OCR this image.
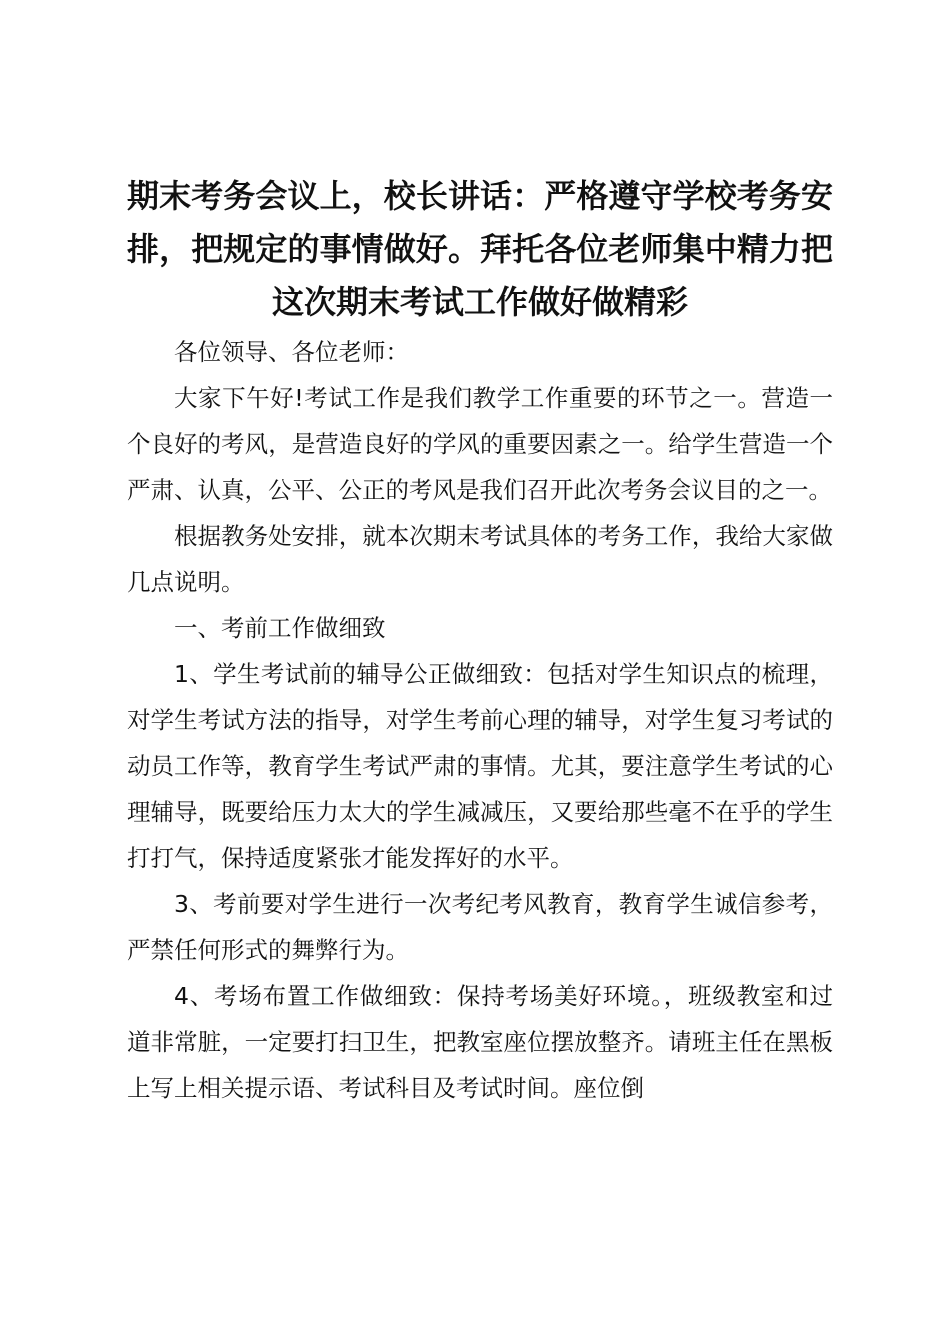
期末考务会议上，校长讲话：严格遵守学校考务安排，把规定的事情做好。拜托各位老师集中精力把这次期末考试工作做好做精彩

各位领导、各位老师：

大家下午好!考试工作是我们教学工作重要的环节之一。营造一个良好的考风，是营造良好的学风的重要因素之一。给学生营造一个严肃、认真，公平、公正的考风是我们召开此次考务会议目的之一。

根据教务处安排，就本次期末考试具体的考务工作，我给大家做几点说明。

一、考前工作做细致

1、学生考试前的辅导公正做细致：包括对学生知识点的梳理，对学生考试方法的指导，对学生考前心理的辅导，对学生复习考试的动员工作等，教育学生考试严肃的事情。尤其，要注意学生考试的心理辅导，既要给压力太大的学生减减压，又要给那些毫不在乎的学生打打气，保持适度紧张才能发挥好的水平。

3、考前要对学生进行一次考纪考风教育，教育学生诚信参考，严禁任何形式的舞弊行为。

4、考场布置工作做细致：保持考场美好环境。，班级教室和过道非常脏，一定要打扫卫生，把教室座位摆放整齐。请班主任在黑板上写上相关提示语、考试科目及考试时间。座位倒
